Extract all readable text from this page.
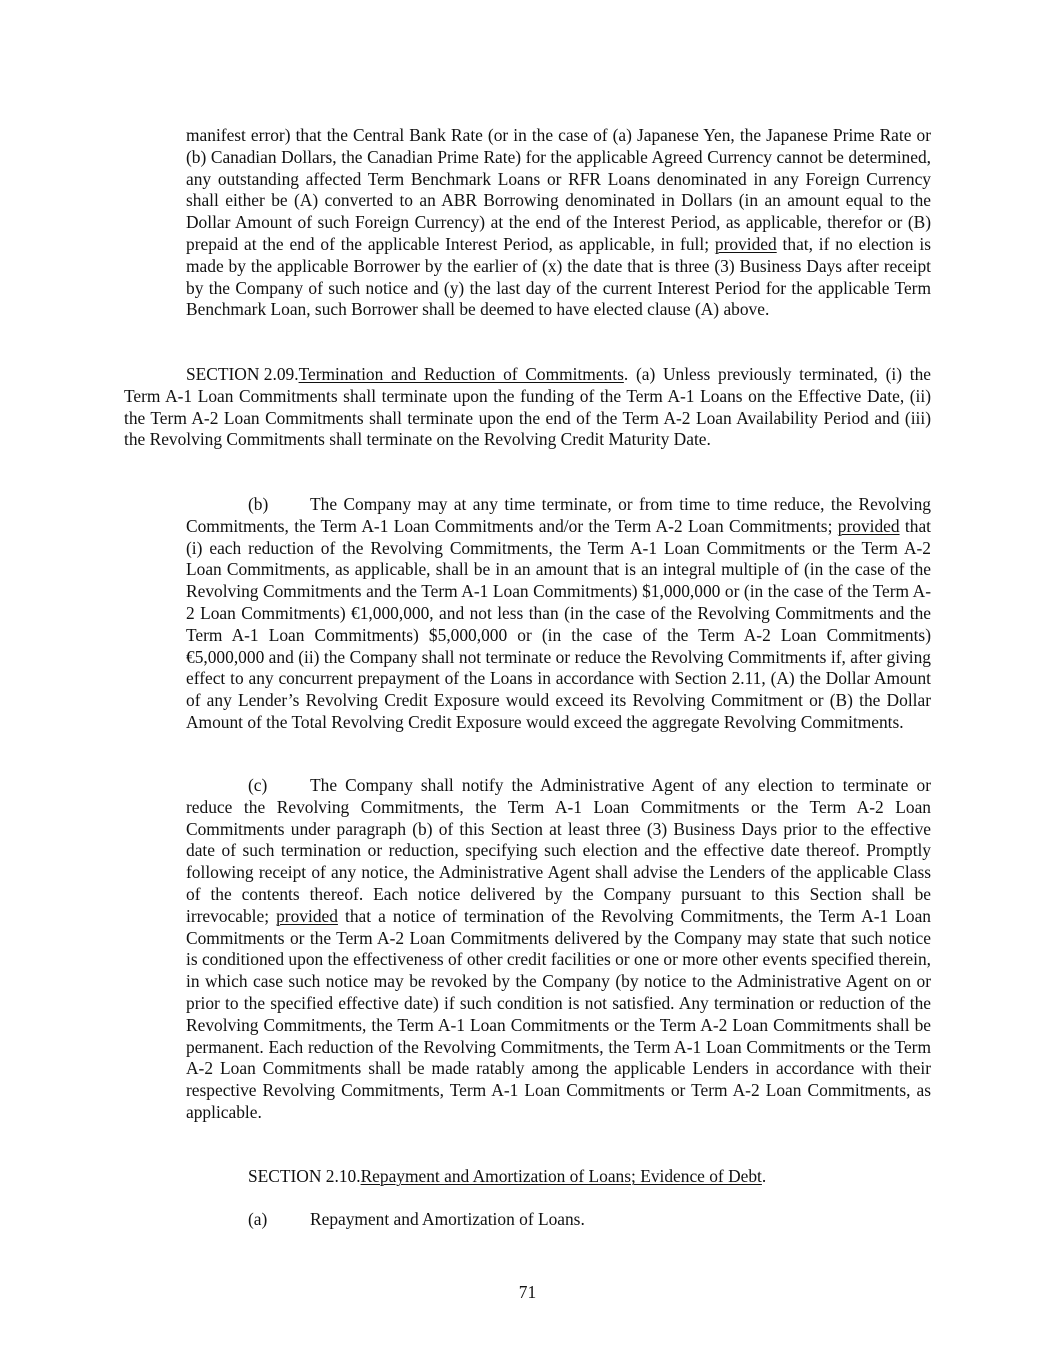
manifest error) that the Central Bank Rate (or in the case of (a) Japanese Yen, the Japanese Prime Rate or (b) Canadian Dollars, the Canadian Prime Rate) for the applicable Agreed Currency cannot be determined, any outstanding affected Term Benchmark Loans or RFR Loans denominated in any Foreign Currency shall either be (A) converted to an ABR Borrowing denominated in Dollars (in an amount equal to the Dollar Amount of such Foreign Currency) at the end of the Interest Period, as applicable, therefor or (B) prepaid at the end of the applicable Interest Period, as applicable, in full; provided that, if no election is made by the applicable Borrower by the earlier of (x) the date that is three (3) Business Days after receipt by the Company of such notice and (y) the last day of the current Interest Period for the applicable Term Benchmark Loan, such Borrower shall be deemed to have elected clause (A) above.

SECTION 2.09.Termination and Reduction of Commitments. (a) Unless previously terminated, (i) the Term A-1 Loan Commitments shall terminate upon the funding of the Term A-1 Loans on the Effective Date, (ii) the Term A-2 Loan Commitments shall terminate upon the end of the Term A-2 Loan Availability Period and (iii) the Revolving Commitments shall terminate on the Revolving Credit Maturity Date.

(b) The Company may at any time terminate, or from time to time reduce, the Revolving Commitments, the Term A-1 Loan Commitments and/or the Term A-2 Loan Commitments; provided that (i) each reduction of the Revolving Commitments, the Term A-1 Loan Commitments or the Term A-2 Loan Commitments, as applicable, shall be in an amount that is an integral multiple of (in the case of the Revolving Commitments and the Term A-1 Loan Commitments) $1,000,000 or (in the case of the Term A-2 Loan Commitments) €1,000,000, and not less than (in the case of the Revolving Commitments and the Term A-1 Loan Commitments) $5,000,000 or (in the case of the Term A-2 Loan Commitments) €5,000,000 and (ii) the Company shall not terminate or reduce the Revolving Commitments if, after giving effect to any concurrent prepayment of the Loans in accordance with Section 2.11, (A) the Dollar Amount of any Lender’s Revolving Credit Exposure would exceed its Revolving Commitment or (B) the Dollar Amount of the Total Revolving Credit Exposure would exceed the aggregate Revolving Commitments.

(c) The Company shall notify the Administrative Agent of any election to terminate or reduce the Revolving Commitments, the Term A-1 Loan Commitments or the Term A-2 Loan Commitments under paragraph (b) of this Section at least three (3) Business Days prior to the effective date of such termination or reduction, specifying such election and the effective date thereof. Promptly following receipt of any notice, the Administrative Agent shall advise the Lenders of the applicable Class of the contents thereof. Each notice delivered by the Company pursuant to this Section shall be irrevocable; provided that a notice of termination of the Revolving Commitments, the Term A-1 Loan Commitments or the Term A-2 Loan Commitments delivered by the Company may state that such notice is conditioned upon the effectiveness of other credit facilities or one or more other events specified therein, in which case such notice may be revoked by the Company (by notice to the Administrative Agent on or prior to the specified effective date) if such condition is not satisfied. Any termination or reduction of the Revolving Commitments, the Term A-1 Loan Commitments or the Term A-2 Loan Commitments shall be permanent. Each reduction of the Revolving Commitments, the Term A-1 Loan Commitments or the Term A-2 Loan Commitments shall be made ratably among the applicable Lenders in accordance with their respective Revolving Commitments, Term A-1 Loan Commitments or Term A-2 Loan Commitments, as applicable.

SECTION 2.10.Repayment and Amortization of Loans; Evidence of Debt.
(a) Repayment and Amortization of Loans.
71
